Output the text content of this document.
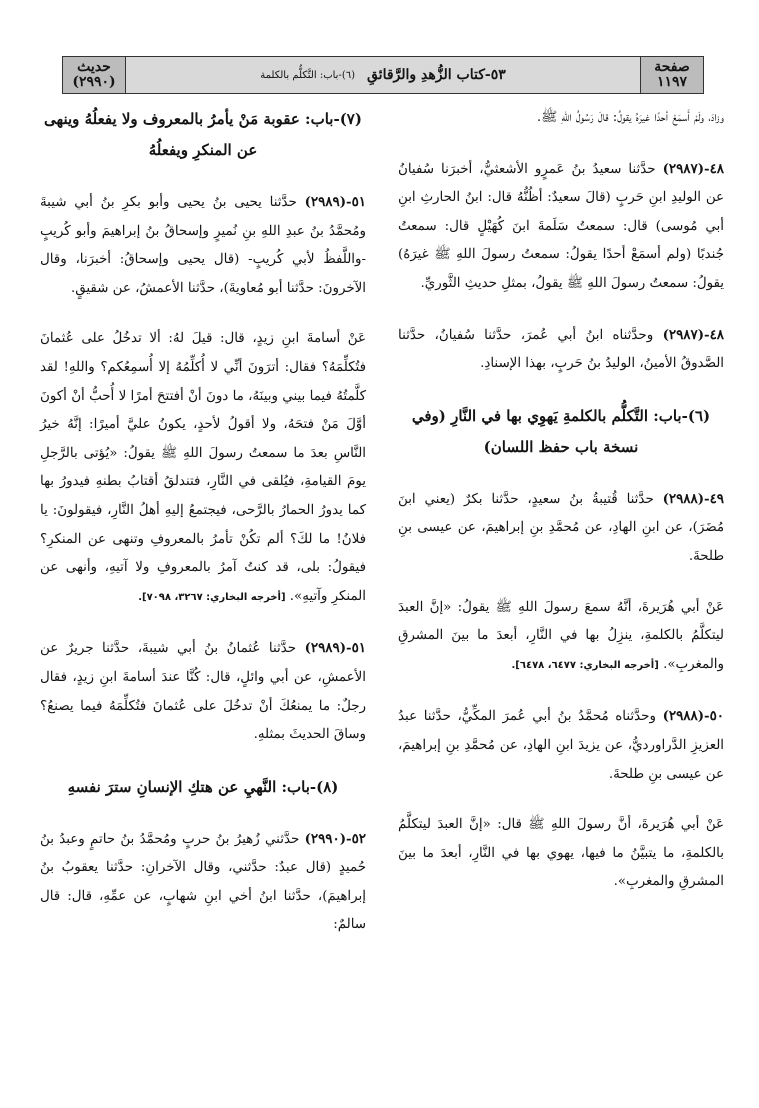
حديث
(٢٩٩٠)	٥٣-كتاب الزُّهدِ والرَّقائقِ
(٦)-باب: التَّكلُّم بالكلمة	صفحة
١١٩٧

وزادَ، ولَمْ أَسمَعْ أحدًا غيرَهُ يقولُ: قالَ رَسُولُ اللهِ ﷺ.

٤٨-(٢٩٨٧) حدَّثنا سعيدُ بنُ عَمرٍو الأشعثيُّ، أخبرَنا سُفيانُ عن الوليدِ ابنِ حَربٍ (قالَ سعيدٌ: أظُنُّهُ قال: ابنُ الحارثِ ابنِ أبي مُوسى) قال: سمعتُ سَلَمةَ ابنَ كُهَيْلٍ قال: سمعتُ جُندبًا (ولم أسمَعْ أحدًا يقولُ: سمعتُ رسولَ اللهِ ﷺ غيرَهُ) يقولُ: سمعتُ رسولَ اللهِ ﷺ يقولُ، بمثلِ حديثِ الثَّوريِّ.

٤٨-(٢٩٨٧) وحدَّثناه ابنُ أبي عُمرَ، حدَّثنا سُفيانُ، حدَّثنا الصَّدوقُ الأمينُ، الوليدُ بنُ حَربٍ، بهذا الإسنادِ.

(٦)-باب: التَّكلُّم بالكلمةِ يَهوِي بها في النَّارِ (وفي نسخة باب حفظ اللسان)

٤٩-(٢٩٨٨) حدَّثنا قُتيبةُ بنُ سعيدٍ، حدَّثنا بكرٌ (يعني ابنَ مُضَرَ)، عن ابنِ الهادِ، عن مُحمَّدِ بنِ إبراهيمَ، عن عيسى بنِ طلحةَ.

عَنْ أبي هُرَيرةَ، أنَّهُ سمعَ رسولَ اللهِ ﷺ يقولُ: «إنَّ العبدَ ليتكلَّمُ بالكلمةِ، ينزِلُ بها في النَّارِ، أبعدَ ما بينَ المشرقِ والمغربِ». [أخرجه البخاري: ٦٤٧٧، ٦٤٧٨].

٥٠-(٢٩٨٨) وحدَّثناه مُحمَّدُ بنُ أبي عُمرَ المكِّيُّ، حدَّثنا عبدُ العزيزِ الدَّراورديُّ، عن يزيدَ ابنِ الهادِ، عن مُحمَّدِ بنِ إبراهيمَ، عن عيسى بنِ طلحةَ.

عَنْ أبي هُرَيرةَ، أنَّ رسولَ اللهِ ﷺ قال: «إنَّ العبدَ ليتكلَّمُ بالكلمةِ، ما يتبيَّنُ ما فيها، يهوي بها في النَّارِ، أبعدَ ما بينَ المشرقِ والمغربِ».

(٧)-باب: عقوبة مَنْ يأمرُ بالمعروف ولا يفعلُهُ وينهى عن المنكرِ ويفعلُهُ

٥١-(٢٩٨٩) حدَّثنا يحيى بنُ يحيى وأبو بكرِ بنُ أبي شيبةَ ومُحمَّدُ بنُ عبدِ اللهِ بنِ نُميرٍ وإسحاقُ بنُ إبراهيمَ وأبو كُريبٍ -واللَّفظُ لأبي كُريبٍ- (قال يحيى وإسحاقُ: أخبرَنا، وقال الآخرونَ: حدَّثنا أبو مُعاويةَ)، حدَّثنا الأعمشُ، عن شقيقٍ.

عَنْ أسامةَ ابنِ زيدٍ، قال: قيلَ لهُ: ألا تدخُلُ على عُثمانَ فتُكلِّمَهُ؟ فقال: أترَونَ أنِّي لا أُكلِّمُهُ إلا أُسمِعُكم؟ واللهِ! لقد كلَّمتُهُ فيما بيني وبينَهُ، ما دونَ أنْ أفتتحَ أمرًا لا أُحبُّ أنْ أكونَ أوَّلَ مَنْ فتحَهُ، ولا أقولُ لأحدٍ، يكونُ عليَّ أميرًا: إنَّهُ خيرُ النَّاسِ بعدَ ما سمعتُ رسولَ اللهِ ﷺ يقولُ: «يُؤتى بالرَّجلِ يومَ القيامةِ، فيُلقى في النَّارِ، فتندلقُ أقتابُ بطنهِ فيدورُ بها كما يدورُ الحمارُ بالرَّحى، فيجتمعُ إليهِ أهلُ النَّارِ، فيقولونَ: يا فلانُ! ما لكَ؟ ألم تكُنْ تأمرُ بالمعروفِ وتنهى عن المنكرِ؟ فيقولُ: بلى، قد كنتُ آمرُ بالمعروفِ ولا آتيهِ، وأنهى عن المنكرِ وآتيهِ». [أخرجه البخاري: ٣٢٦٧، ٧٠٩٨].

٥١-(٢٩٨٩) حدَّثنا عُثمانُ بنُ أبي شيبةَ، حدَّثنا جريرٌ عن الأعمشِ، عن أبي وائلٍ، قال: كُنَّا عندَ أسامةَ ابنِ زيدٍ، فقال رجلٌ: ما يمنعُكَ أنْ تدخُلَ على عُثمانَ فتُكلِّمَهُ فيما يصنعُ؟ وساقَ الحديثَ بمثلهِ.

(٨)-باب: النَّهيِ عن هتكِ الإنسانِ سترَ نفسهِ

٥٢-(٢٩٩٠) حدَّثني زُهيرُ بنُ حربٍ ومُحمَّدُ بنُ حاتمٍ وعبدُ بنُ حُميدٍ (قال عبدٌ: حدَّثني، وقال الآخرانِ: حدَّثنا يعقوبُ بنُ إبراهيمَ)، حدَّثنا ابنُ أخي ابنِ شهابٍ، عن عمِّهِ، قال: قال سالمٌ:
